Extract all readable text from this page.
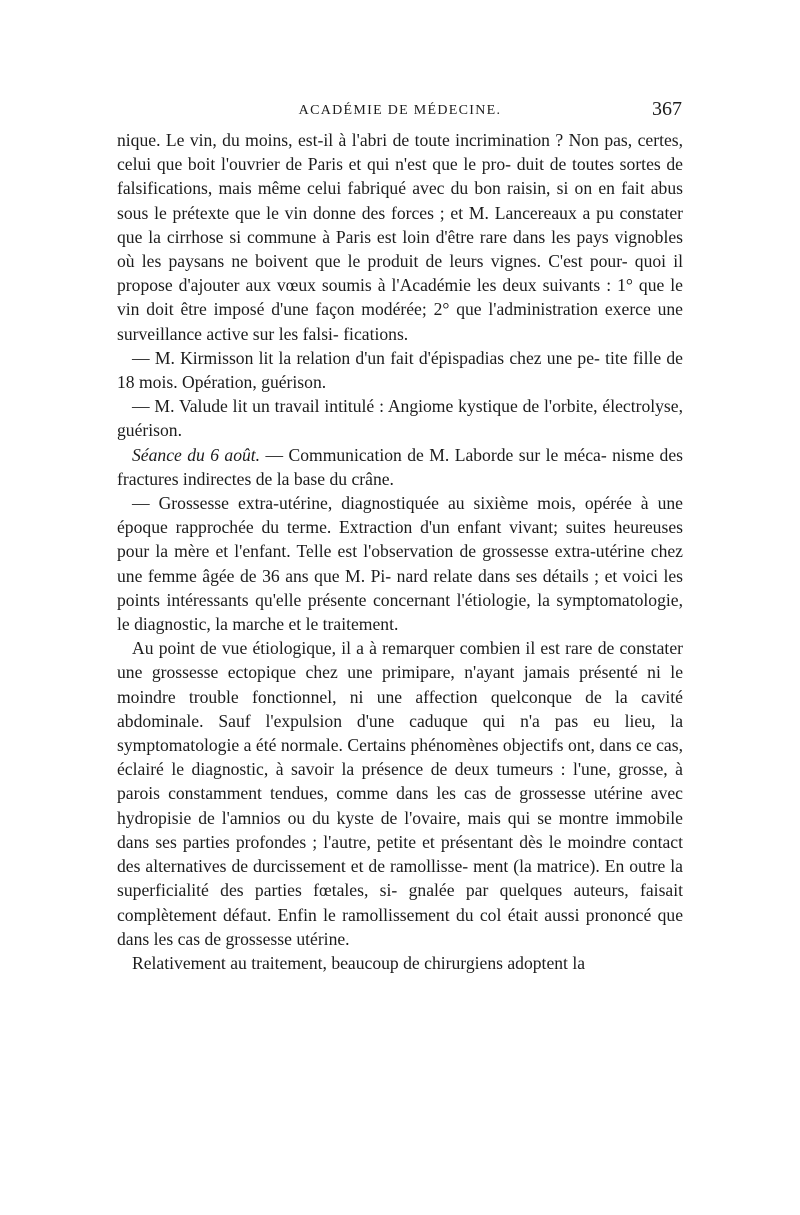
ACADÉMIE DE MÉDECINE.	367

nique. Le vin, du moins, est-il à l'abri de toute incrimination ? Non pas, certes, celui que boit l'ouvrier de Paris et qui n'est que le pro- duit de toutes sortes de falsifications, mais même celui fabriqué avec du bon raisin, si on en fait abus sous le prétexte que le vin donne des forces ; et M. Lancereaux a pu constater que la cirrhose si commune à Paris est loin d'être rare dans les pays vignobles où les paysans ne boivent que le produit de leurs vignes. C'est pour- quoi il propose d'ajouter aux vœux soumis à l'Académie les deux suivants : 1° que le vin doit être imposé d'une façon modérée; 2° que l'administration exerce une surveillance active sur les falsi- fications.

— M. Kirmisson lit la relation d'un fait d'épispadias chez une pe- tite fille de 18 mois. Opération, guérison.

— M. Valude lit un travail intitulé : Angiome kystique de l'orbite, électrolyse, guérison.

Séance du 6 août. — Communication de M. Laborde sur le méca- nisme des fractures indirectes de la base du crâne.

— Grossesse extra-utérine, diagnostiquée au sixième mois, opérée à une époque rapprochée du terme. Extraction d'un enfant vivant; suites heureuses pour la mère et l'enfant. Telle est l'observation de grossesse extra-utérine chez une femme âgée de 36 ans que M. Pi- nard relate dans ses détails ; et voici les points intéressants qu'elle présente concernant l'étiologie, la symptomatologie, le diagnostic, la marche et le traitement.

Au point de vue étiologique, il a à remarquer combien il est rare de constater une grossesse ectopique chez une primipare, n'ayant jamais présenté ni le moindre trouble fonctionnel, ni une affection quelconque de la cavité abdominale. Sauf l'expulsion d'une caduque qui n'a pas eu lieu, la symptomatologie a été normale. Certains phénomènes objectifs ont, dans ce cas, éclairé le diagnostic, à savoir la présence de deux tumeurs : l'une, grosse, à parois constamment tendues, comme dans les cas de grossesse utérine avec hydropisie de l'amnios ou du kyste de l'ovaire, mais qui se montre immobile dans ses parties profondes ; l'autre, petite et présentant dès le moindre contact des alternatives de durcissement et de ramollisse- ment (la matrice). En outre la superficialité des parties fœtales, si- gnalée par quelques auteurs, faisait complètement défaut. Enfin le ramollissement du col était aussi prononcé que dans les cas de grossesse utérine.

Relativement au traitement, beaucoup de chirurgiens adoptent la
